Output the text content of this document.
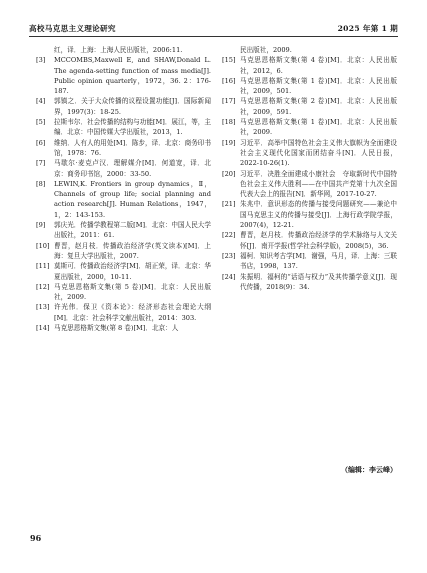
高校马克思主义理论研究	2025 年第 1 期
红，译．上海：上海人民出版社，2006:11.
[3]	MCCOMBS,Maxwell E, and SHAW,Donald L. The agenda-setting function of mass media[J]. Public opinion quarterly，1972，36. 2：176-187.
[4]	郭镇之．关于大众传播的议程设置功能[J]．国际新闻界，1997(3)：18-25.
[5]	拉斯韦尔．社会传播的结构与功能[M]．展江，等，主编．北京：中国传媒大学出版社，2013，1.
[6]	维纳．人有人的用处[M]．陈步，译．北京：商务印书馆，1978：76.
[7]	马歇尔·麦克卢汉．理解媒介[M]．何道宽，译．北京：商务印书馆，2000：33-50.
[8]	LEWIN,K. Frontiers in group dynamics，Ⅱ，Channels of group life; social planning and action research[J]. Human Relations，1947，1，2：143-153.
[9]	郭庆光．传播学教程第二版[M]．北京：中国人民大学出版社，2011：61.
[10] 曹晋，赵月枝．传播政治经济学(英文读本)[M]．上海：复旦大学出版社，2007.
[11] 莫斯可．传播政治经济学[M]．胡正荣，译．北京：华夏出版社，2000，10-11.
[12] 马克思恩格斯文集(第 5 卷)[M]．北京：人民出版社，2009.
[13] 许光伟．保卫《资本论》：经济形态社会理论大纲[M]．北京：社会科学文献出版社，2014：303.
[14] 马克思恩格斯文集(第 8 卷)[M]．北京：人
民出版社，2009.
[15] 马克思恩格斯文集(第 4 卷)[M]．北京：人民出版社，2012，6.
[16] 马克思恩格斯文集(第 1 卷)[M]．北京：人民出版社，2009，501.
[17] 马克思恩格斯文集(第 2 卷)[M]．北京：人民出版社，2009，591.
[18] 马克思恩格斯文集(第 1 卷)[M]．北京：人民出版社，2009.
[19] 习近平．高举中国特色社会主义伟大旗帜为全面建设社会主义现代化国家而团结奋斗[N]．人民日报，2022-10-26(1).
[20] 习近平．决胜全面建成小康社会　夺取新时代中国特色社会主义伟大胜利——在中国共产党第十九次全国代表大会上的报告[N]．新华网，2017-10-27.
[21] 朱兆中．意识形态的传播与接受问题研究——兼论中国马克思主义的传播与接受[J]．上海行政学院学报，2007(4)，12-21.
[22] 曹晋，赵月枝．传播政治经济学的学术脉络与人文关怀[J]．南开学报(哲学社会科学版)，2008(5)，36.
[23] 福柯．知识考古学[M]．谢强，马月，译．上海：三联书店，1998，137.
[24] 朱振明．福柯的“话语与权力”及其传播学意义[J]．现代传播，2018(9)：34.
（编辑：李云峰）
96
